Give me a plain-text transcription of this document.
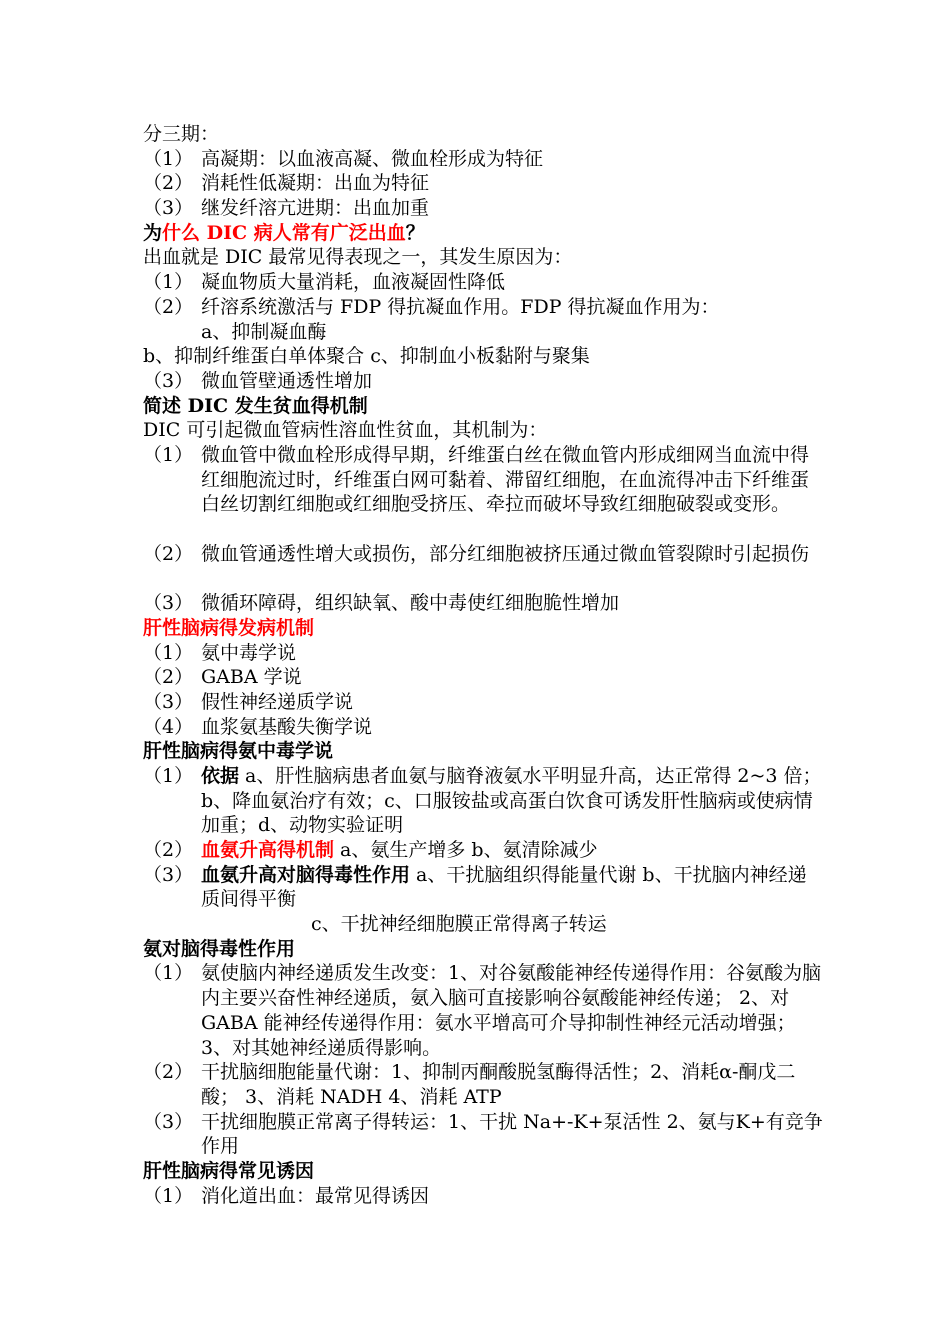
分三期：
（1） 高凝期：以血液高凝、微血栓形成为特征
（2） 消耗性低凝期：出血为特征
（3） 继发纤溶亢进期：出血加重
为什么 DIC 病人常有广泛出血？
出血就是 DIC 最常见得表现之一，其发生原因为：
（1） 凝血物质大量消耗，血液凝固性降低
（2） 纤溶系统激活与 FDP 得抗凝血作用。FDP 得抗凝血作用为：
a、抑制凝血酶
b、抑制纤维蛋白单体聚合 c、抑制血小板黏附与聚集
（3） 微血管壁通透性增加
简述 DIC 发生贫血得机制
DIC 可引起微血管病性溶血性贫血，其机制为：
（1） 微血管中微血栓形成得早期，纤维蛋白丝在微血管内形成细网当血流中得红细胞流过时，纤维蛋白网可黏着、滞留红细胞，在血流得冲击下纤维蛋白丝切割红细胞或红细胞受挤压、牵拉而破坏导致红细胞破裂或变形。
（2） 微血管通透性增大或损伤，部分红细胞被挤压通过微血管裂隙时引起损伤
（3） 微循环障碍，组织缺氧、酸中毒使红细胞脆性增加
肝性脑病得发病机制
（1） 氨中毒学说
（2） GABA 学说
（3） 假性神经递质学说
（4） 血浆氨基酸失衡学说
肝性脑病得氨中毒学说
（1） 依据 a、肝性脑病患者血氨与脑脊液氨水平明显升高，达正常得 2~3 倍；b、降血氨治疗有效；c、口服铵盐或高蛋白饮食可诱发肝性脑病或使病情加重；d、动物实验证明
（2） 血氨升高得机制 a、氨生产增多 b、氨清除减少
（3） 血氨升高对脑得毒性作用 a、干扰脑组织得能量代谢 b、干扰脑内神经递质间得平衡
c、干扰神经细胞膜正常得离子转运
氨对脑得毒性作用
（1） 氨使脑内神经递质发生改变：1、对谷氨酸能神经传递得作用：谷氨酸为脑内主要兴奋性神经递质，氨入脑可直接影响谷氨酸能神经传递； 2、对 GABA 能神经传递得作用：氨水平增高可介导抑制性神经元活动增强； 3、对其她神经递质得影响。
（2） 干扰脑细胞能量代谢：1、抑制丙酮酸脱氢酶得活性；2、消耗α-酮戊二酸； 3、消耗 NADH 4、消耗 ATP
（3） 干扰细胞膜正常离子得转运：1、干扰 Na+-K+泵活性 2、氨与K+有竞争作用
肝性脑病得常见诱因
（1） 消化道出血：最常见得诱因
